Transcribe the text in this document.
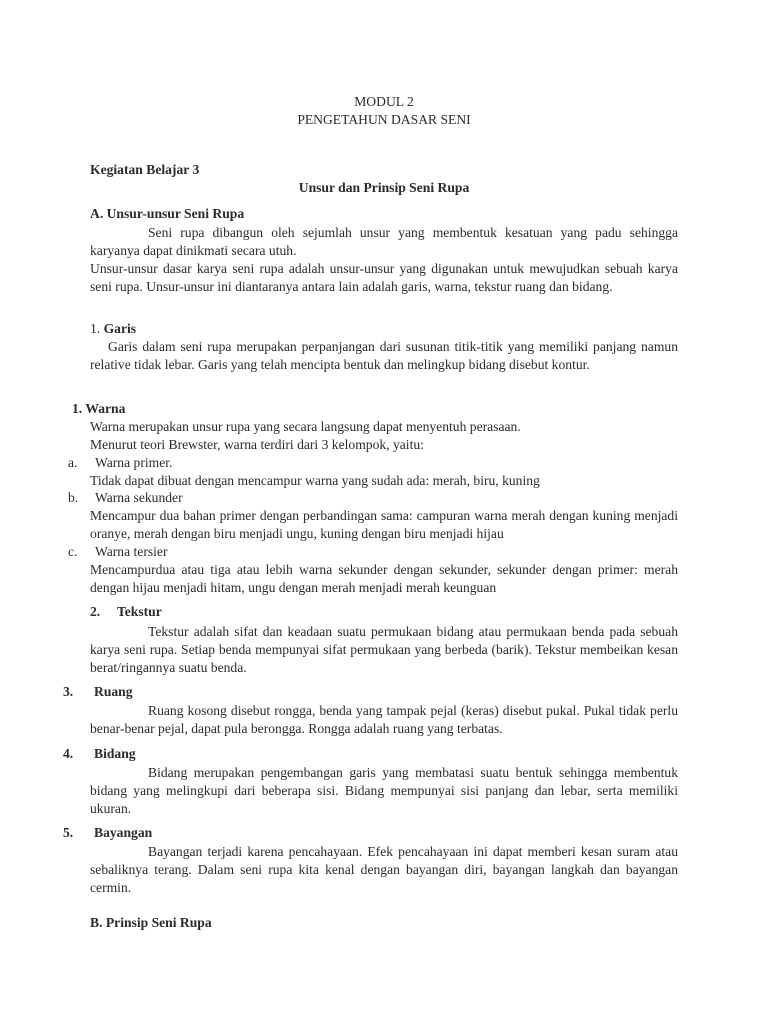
MODUL 2
PENGETAHUN DASAR SENI
Kegiatan Belajar 3
Unsur dan Prinsip Seni Rupa
A. Unsur-unsur Seni Rupa
Seni rupa dibangun oleh sejumlah unsur yang membentuk kesatuan yang padu sehingga karyanya dapat dinikmati secara utuh.
Unsur-unsur dasar karya seni rupa adalah unsur-unsur yang digunakan untuk mewujudkan sebuah karya seni rupa. Unsur-unsur ini diantaranya antara lain adalah garis, warna, tekstur ruang dan bidang.
1. Garis
Garis dalam seni rupa merupakan perpanjangan dari susunan titik-titik yang memiliki panjang namun relative tidak lebar. Garis yang telah mencipta bentuk dan melingkup bidang disebut kontur.
1. Warna
Warna merupakan unsur rupa yang secara langsung dapat menyentuh perasaan.
Menurut teori Brewster, warna terdiri dari 3 kelompok, yaitu:
a. Warna primer.
Tidak dapat dibuat dengan mencampur warna yang sudah ada: merah, biru, kuning
b. Warna sekunder
Mencampur dua bahan primer dengan perbandingan sama: campuran warna merah dengan kuning menjadi oranye, merah dengan biru menjadi ungu, kuning dengan biru menjadi hijau
c. Warna tersier
Mencampurdua atau tiga atau lebih warna sekunder dengan sekunder, sekunder dengan primer: merah dengan hijau menjadi hitam, ungu dengan merah menjadi merah keunguan
2.     Tekstur
Tekstur adalah sifat dan keadaan suatu permukaan bidang atau permukaan benda pada sebuah karya seni rupa. Setiap benda mempunyai sifat permukaan yang berbeda (barik). Tekstur membeikan kesan berat/ringannya suatu benda.
3. Ruang
Ruang kosong disebut rongga, benda yang tampak pejal (keras) disebut pukal. Pukal tidak perlu benar-benar pejal, dapat pula berongga. Rongga adalah ruang yang terbatas.
4. Bidang
Bidang merupakan pengembangan garis yang membatasi suatu bentuk sehingga membentuk bidang yang melingkupi dari beberapa sisi. Bidang mempunyai sisi panjang dan lebar, serta memiliki ukuran.
5. Bayangan
Bayangan terjadi karena pencahayaan. Efek pencahayaan ini dapat memberi kesan suram atau sebaliknya terang. Dalam seni rupa kita kenal dengan bayangan diri, bayangan langkah dan bayangan cermin.
B. Prinsip Seni Rupa
